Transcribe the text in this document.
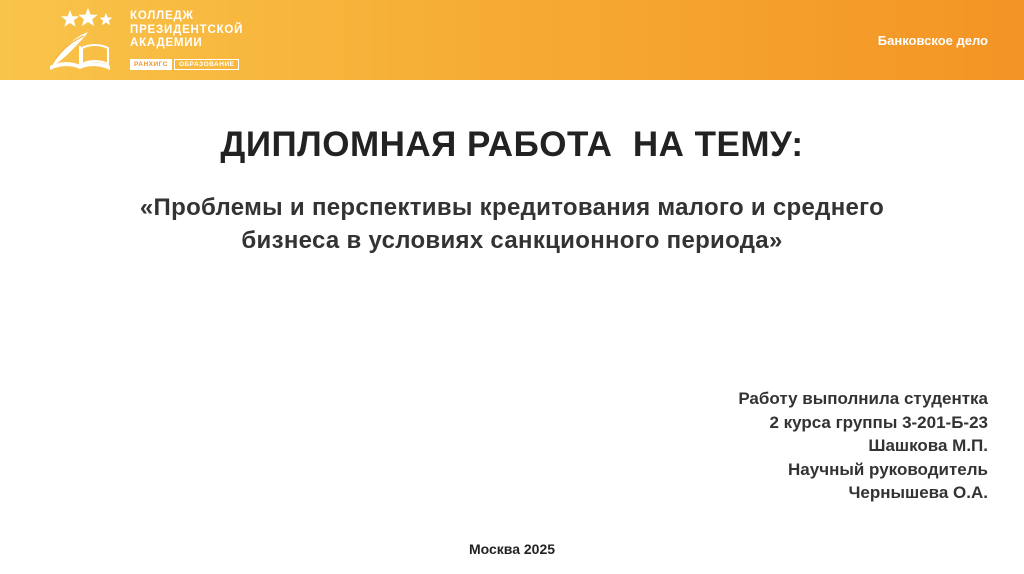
КОЛЛЕДЖ
ПРЕЗИДЕНТСКОЙ
АКАДЕМИИ
РАНХИГС	ОБРАЗОВАНИЕ
Банковское дело
ДИПЛОМНАЯ РАБОТА  НА ТЕМУ:
«Проблемы и перспективы кредитования малого и среднего
бизнеса в условиях санкционного периода»
Работу выполнила студентка
2 курса группы 3-201-Б-23
Шашкова М.П.
Научный руководитель
Чернышева О.А.
Москва 2025
